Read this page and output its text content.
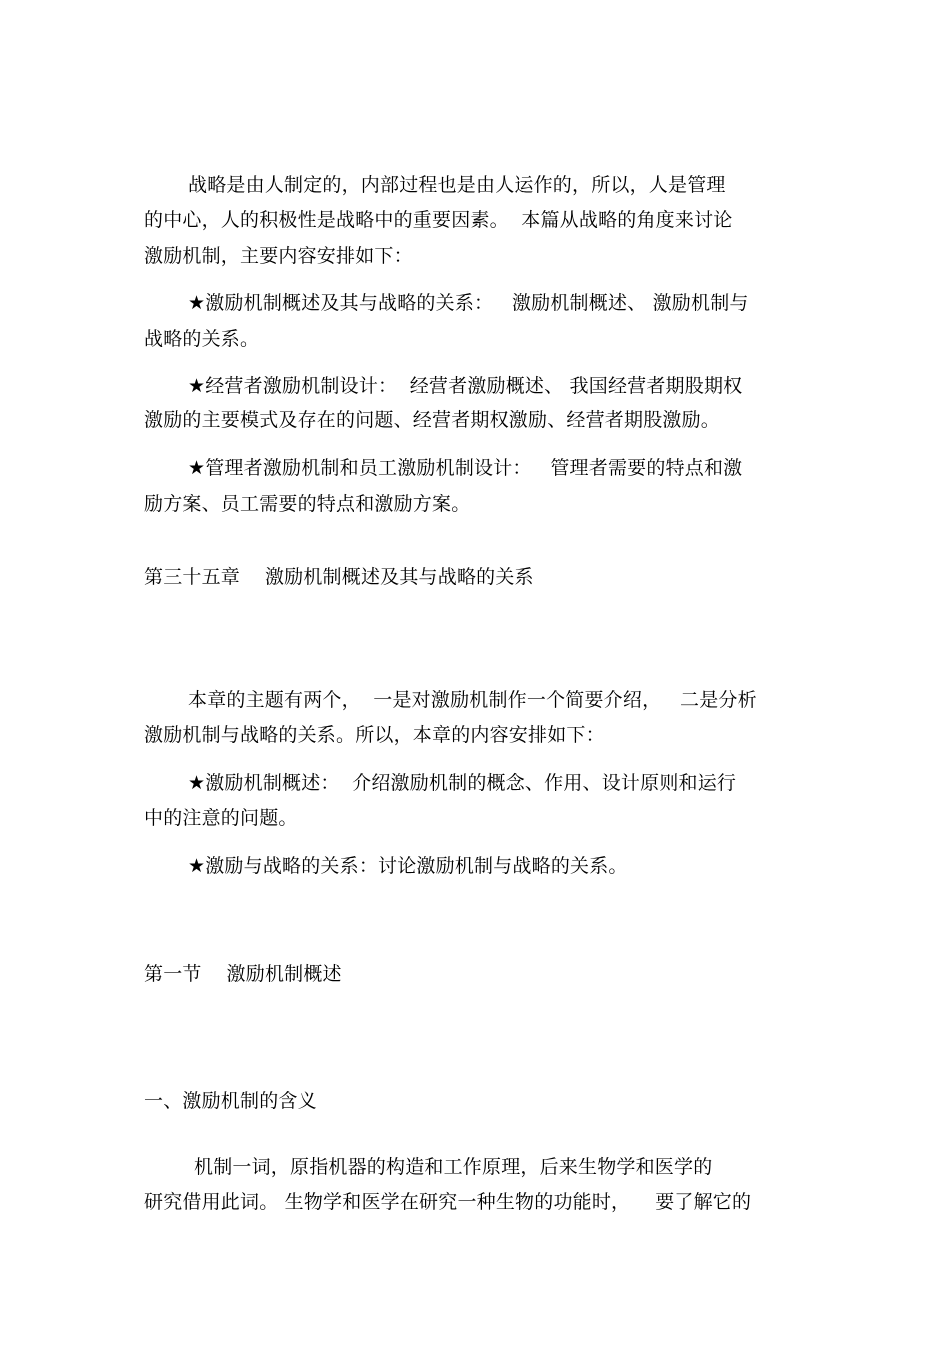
战略是由人制定的，内部过程也是由人运作的，所以，人是管理
的中心，人的积极性是战略中的重要因素。  本篇从战略的角度来讨论
激励机制，主要内容安排如下：
★激励机制概述及其与战略的关系：   激励机制概述、 激励机制与
战略的关系。
★经营者激励机制设计：  经营者激励概述、 我国经营者期股期权
激励的主要模式及存在的问题、经营者期权激励、经营者期股激励。
★管理者激励机制和员工激励机制设计：   管理者需要的特点和激
励方案、员工需要的特点和激励方案。
第三十五章    激励机制概述及其与战略的关系
本章的主题有两个，  一是对激励机制作一个简要介绍，   二是分析
激励机制与战略的关系。所以，本章的内容安排如下：
★激励机制概述：  介绍激励机制的概念、作用、设计原则和运行
中的注意的问题。
★激励与战略的关系：讨论激励机制与战略的关系。
第一节    激励机制概述
一、激励机制的含义
机制一词，原指机器的构造和工作原理，后来生物学和医学的
研究借用此词。 生物学和医学在研究一种生物的功能时，    要了解它的
